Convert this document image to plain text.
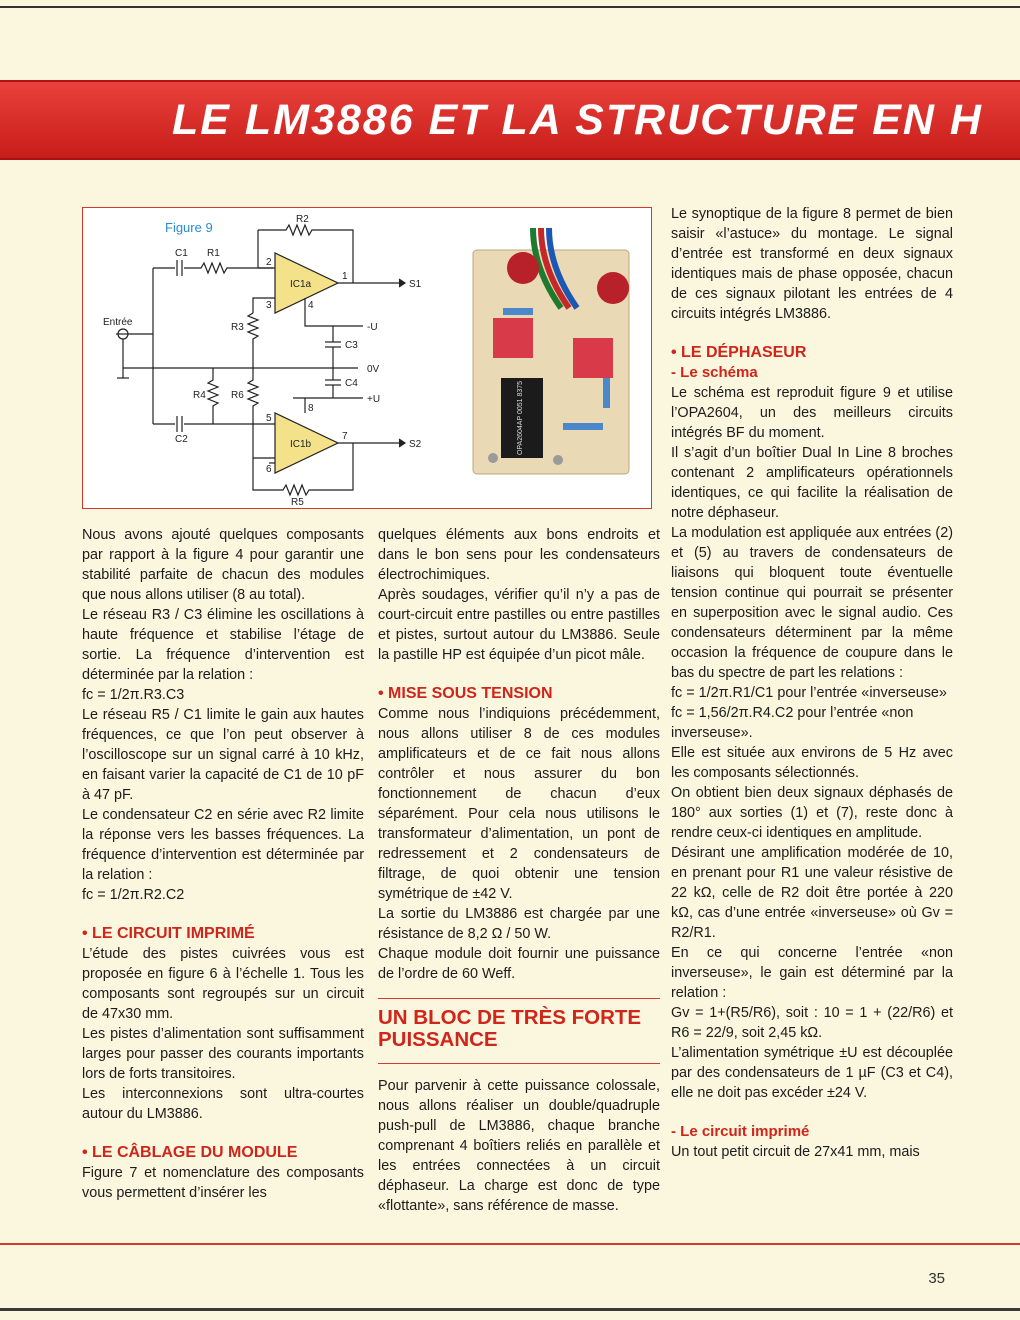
LE LM3886 ET LA STRUCTURE EN H
Figure 9
Entrée
C1 R1
R2
R3
R4	R6
R5
C2
C3
C4
IC1a
IC1b
S1
S2
-U
0V
+U
1
2
3	4
5
6
7
8	OPA2604AP 0051 8375

Nous avons ajouté quelques composants par rapport à la figure 4 pour garantir une stabilité parfaite de chacun des modules que nous allons utiliser (8 au total).

Le réseau R3 / C3 élimine les oscillations à haute fréquence et stabilise l’étage de sortie. La fréquence d’intervention est déterminée par la relation :

fc = 1/2π.R3.C3

Le réseau R5 / C1 limite le gain aux hautes fréquences, ce que l’on peut observer à l’oscilloscope sur un signal carré à 10 kHz, en faisant varier la capacité de C1 de 10 pF à 47 pF.

Le condensateur C2 en série avec R2 limite la réponse vers les basses fréquences. La fréquence d’intervention est déterminée par la relation :

fc = 1/2π.R2.C2

• LE CIRCUIT IMPRIMÉ

L’étude des pistes cuivrées vous est proposée en figure 6 à l’échelle 1. Tous les composants sont regroupés sur un circuit de 47x30 mm.

Les pistes d’alimentation sont suffisamment larges pour passer des courants importants lors de forts transitoires.

Les interconnexions sont ultra-courtes autour du LM3886.

• LE CÂBLAGE DU MODULE

Figure 7 et nomenclature des composants vous permettent d’insérer les

quelques éléments aux bons endroits et dans le bon sens pour les condensateurs électrochimiques.

Après soudages, vérifier qu’il n’y a pas de court-circuit entre pastilles ou entre pastilles et pistes, surtout autour du LM3886. Seule la pastille HP est équipée d’un picot mâle.

• MISE SOUS TENSION

Comme nous l’indiquions précédemment, nous allons utiliser 8 de ces modules amplificateurs et de ce fait nous allons contrôler et nous assurer du bon fonctionnement de chacun d’eux séparément. Pour cela nous utilisons le transformateur d’alimentation, un pont de redressement et 2 condensateurs de filtrage, de quoi obtenir une tension symétrique de ±42 V.

La sortie du LM3886 est chargée par une résistance de 8,2 Ω / 50 W.

Chaque module doit fournir une puissance de l’ordre de 60 Weff.

UN BLOC DE TRÈS FORTE PUISSANCE

Pour parvenir à cette puissance colossale, nous allons réaliser un double/quadruple push-pull de LM3886, chaque branche comprenant 4 boîtiers reliés en parallèle et les entrées connectées à un circuit déphaseur. La charge est donc de type «flottante», sans référence de masse.

Le synoptique de la figure 8 permet de bien saisir «l’astuce» du montage. Le signal d’entrée est transformé en deux signaux identiques mais de phase opposée, chacun de ces signaux pilotant les entrées de 4 circuits intégrés LM3886.

• LE DÉPHASEUR
- Le schéma

Le schéma est reproduit figure 9 et utilise l’OPA2604, un des meilleurs circuits intégrés BF du moment.

Il s’agit d’un boîtier Dual In Line 8 broches contenant 2 amplificateurs opérationnels identiques, ce qui facilite la réalisation de notre déphaseur.

La modulation est appliquée aux entrées (2) et (5) au travers de condensateurs de liaisons qui bloquent toute éventuelle tension continue qui pourrait se présenter en superposition avec le signal audio. Ces condensateurs déterminent par la même occasion la fréquence de coupure dans le bas du spectre de part les relations :

fc = 1/2π.R1/C1 pour l’entrée «inverseuse»

fc = 1,56/2π.R4.C2 pour l’entrée «non inverseuse».

Elle est située aux environs de 5 Hz avec les composants sélectionnés.

On obtient bien deux signaux déphasés de 180° aux sorties (1) et (7), reste donc à rendre ceux-ci identiques en amplitude.

Désirant une amplification modérée de 10, en prenant pour R1 une valeur résistive de 22 kΩ, celle de R2 doit être portée à 220 kΩ, cas d’une entrée «inverseuse» où Gv = R2/R1.

En ce qui concerne l’entrée «non inverseuse», le gain est déterminé par la relation :

Gv = 1+(R5/R6), soit : 10 = 1 + (22/R6) et R6 = 22/9, soit 2,45 kΩ.

L’alimentation symétrique ±U est découplée par des condensateurs de 1 µF (C3 et C4), elle ne doit pas excéder ±24 V.

- Le circuit imprimé

Un tout petit circuit de 27x41 mm, mais

35
